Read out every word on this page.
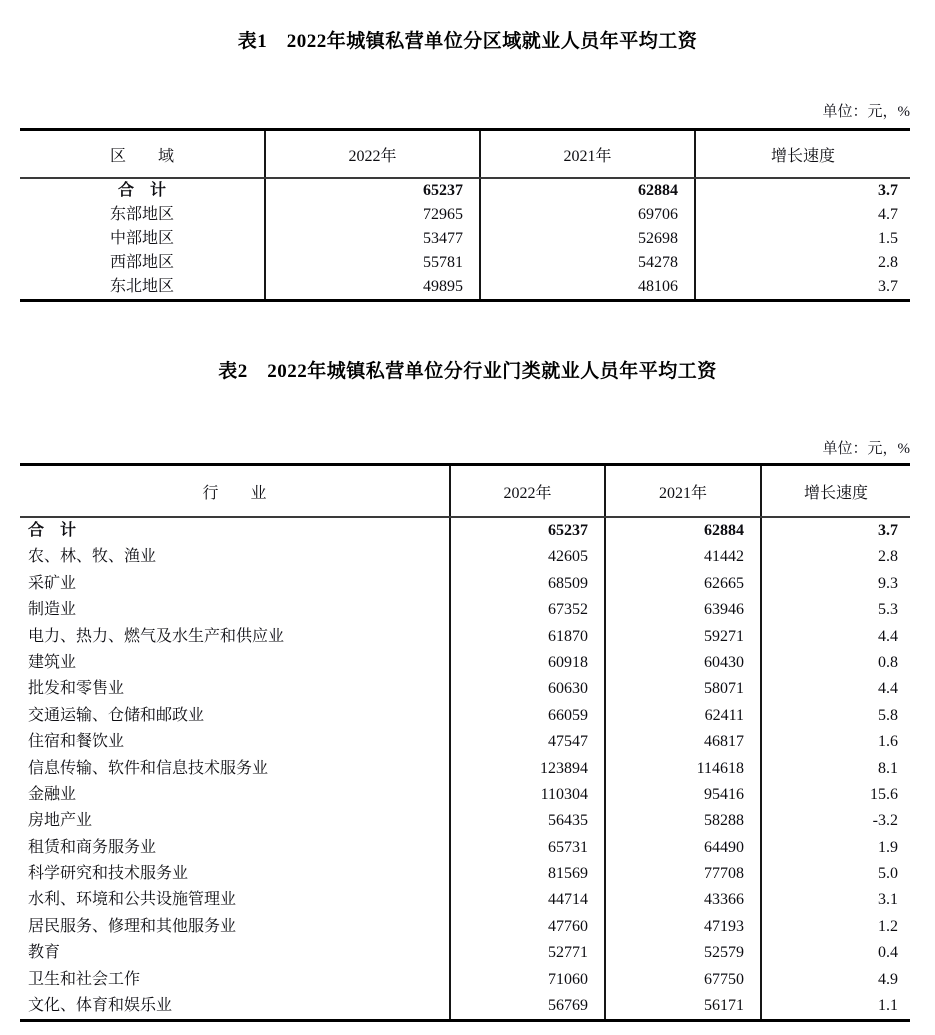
表1　2022年城镇私营单位分区域就业人员年平均工资
单位：元，%
区　　域	2022年	2021年	增长速度
合　计	65237	62884	3.7
东部地区	72965	69706	4.7
中部地区	53477	52698	1.5
西部地区	55781	54278	2.8
东北地区	49895	48106	3.7
表2　2022年城镇私营单位分行业门类就业人员年平均工资
单位：元，%
行　　业	2022年	2021年	增长速度
合　计	65237	62884	3.7
农、林、牧、渔业	42605	41442	2.8
采矿业	68509	62665	9.3
制造业	67352	63946	5.3
电力、热力、燃气及水生产和供应业	61870	59271	4.4
建筑业	60918	60430	0.8
批发和零售业	60630	58071	4.4
交通运输、仓储和邮政业	66059	62411	5.8
住宿和餐饮业	47547	46817	1.6
信息传输、软件和信息技术服务业	123894	114618	8.1
金融业	110304	95416	15.6
房地产业	56435	58288	-3.2
租赁和商务服务业	65731	64490	1.9
科学研究和技术服务业	81569	77708	5.0
水利、环境和公共设施管理业	44714	43366	3.1
居民服务、修理和其他服务业	47760	47193	1.2
教育	52771	52579	0.4
卫生和社会工作	71060	67750	4.9
文化、体育和娱乐业	56769	56171	1.1
